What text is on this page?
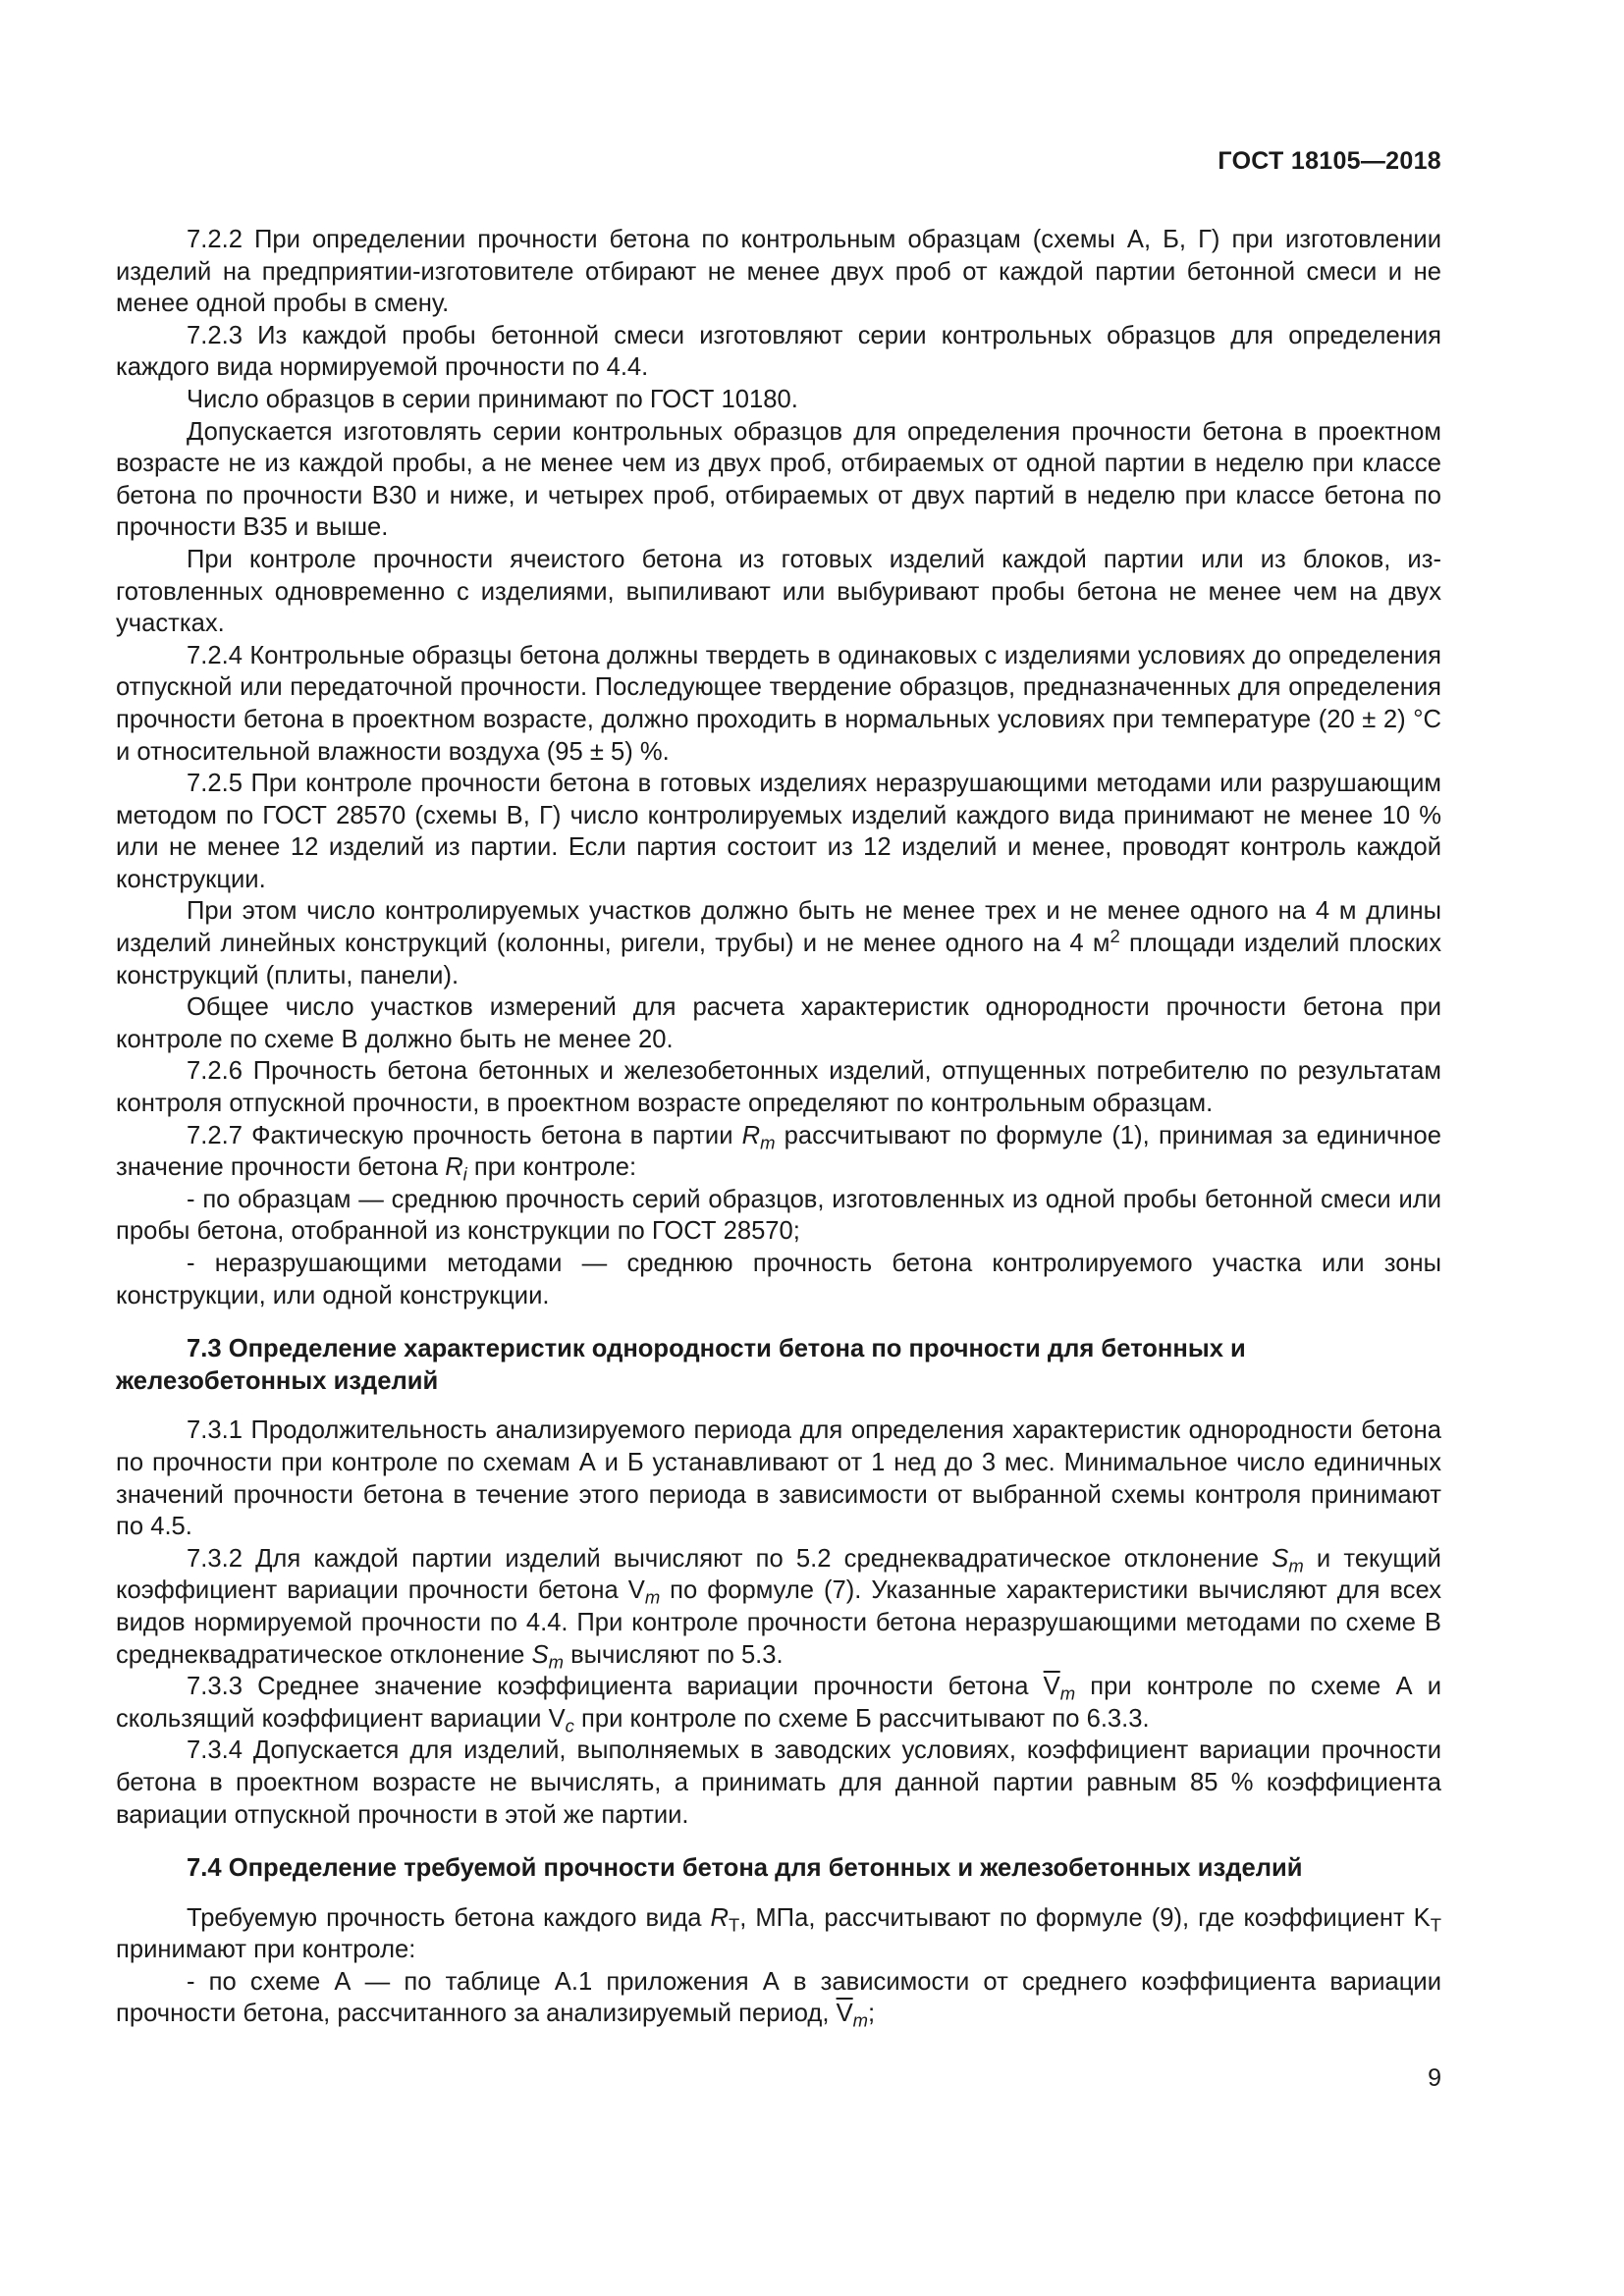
ГОСТ 18105—2018

7.2.2 При определении прочности бетона по контрольным образцам (схемы А, Б, Г) при изготовлении изделий на предприятии-изготовителе отбирают не менее двух проб от каждой партии бетонной смеси и не менее одной пробы в смену.

7.2.3 Из каждой пробы бетонной смеси изготовляют серии контрольных образцов для определения каждого вида нормируемой прочности по 4.4.

Число образцов в серии принимают по ГОСТ 10180.

Допускается изготовлять серии контрольных образцов для определения прочности бетона в проектном возрасте не из каждой пробы, а не менее чем из двух проб, отбираемых от одной партии в неделю при классе бетона по прочности В30 и ниже, и четырех проб, отбираемых от двух партий в неделю при классе бетона по прочности В35 и выше.

При контроле прочности ячеистого бетона из готовых изделий каждой партии или из блоков, изготовленных одновременно с изделиями, выпиливают или выбуривают пробы бетона не менее чем на двух участках.

7.2.4 Контрольные образцы бетона должны твердеть в одинаковых с изделиями условиях до определения отпускной или передаточной прочности. Последующее твердение образцов, предназначенных для определения прочности бетона в проектном возрасте, должно проходить в нормальных условиях при температуре (20 ± 2) °С и относительной влажности воздуха (95 ± 5) %.

7.2.5 При контроле прочности бетона в готовых изделиях неразрушающими методами или разрушающим методом по ГОСТ 28570 (схемы В, Г) число контролируемых изделий каждого вида принимают не менее 10 % или не менее 12 изделий из партии. Если партия состоит из 12 изделий и менее, проводят контроль каждой конструкции.

При этом число контролируемых участков должно быть не менее трех и не менее одного на 4 м длины изделий линейных конструкций (колонны, ригели, трубы) и не менее одного на 4 $м^2$ площади изделий плоских конструкций (плиты, панели).

Общее число участков измерений для расчета характеристик однородности прочности бетона при контроле по схеме В должно быть не менее 20.

7.2.6 Прочность бетона бетонных и железобетонных изделий, отпущенных потребителю по результатам контроля отпускной прочности, в проектном возрасте определяют по контрольным образцам.

7.2.7 Фактическую прочность бетона в партии $R_m$ рассчитывают по формуле (1), принимая за единичное значение прочности бетона $R_i$ при контроле:

- по образцам — среднюю прочность серий образцов, изготовленных из одной пробы бетонной смеси или пробы бетона, отобранной из конструкции по ГОСТ 28570;

- неразрушающими методами — среднюю прочность бетона контролируемого участка или зоны конструкции, или одной конструкции.

7.3 Определение характеристик однородности бетона по прочности для бетонных и железобетонных изделий

7.3.1 Продолжительность анализируемого периода для определения характеристик однородности бетона по прочности при контроле по схемам А и Б устанавливают от 1 нед до 3 мес. Минимальное число единичных значений прочности бетона в течение этого периода в зависимости от выбранной схемы контроля принимают по 4.5.

7.3.2 Для каждой партии изделий вычисляют по 5.2 среднеквадратическое отклонение $S_m$ и текущий коэффициент вариации прочности бетона $V_m$ по формуле (7). Указанные характеристики вычисляют для всех видов нормируемой прочности по 4.4. При контроле прочности бетона неразрушающими методами по схеме В среднеквадратическое отклонение $S_m$ вычисляют по 5.3.

7.3.3 Среднее значение коэффициента вариации прочности бетона $\overline{V}_m$ при контроле по схеме А и скользящий коэффициент вариации $V_c$ при контроле по схеме Б рассчитывают по 6.3.3.

7.3.4 Допускается для изделий, выполняемых в заводских условиях, коэффициент вариации прочности бетона в проектном возрасте не вычислять, а принимать для данной партии равным 85 % коэффициента вариации отпускной прочности в этой же партии.

7.4 Определение требуемой прочности бетона для бетонных и железобетонных изделий

Требуемую прочность бетона каждого вида $R_T$, МПа, рассчитывают по формуле (9), где коэффициент $K_T$ принимают при контроле:

- по схеме А — по таблице А.1 приложения А в зависимости от среднего коэффициента вариации прочности бетона, рассчитанного за анализируемый период, $\overline{V}_m$;

9
